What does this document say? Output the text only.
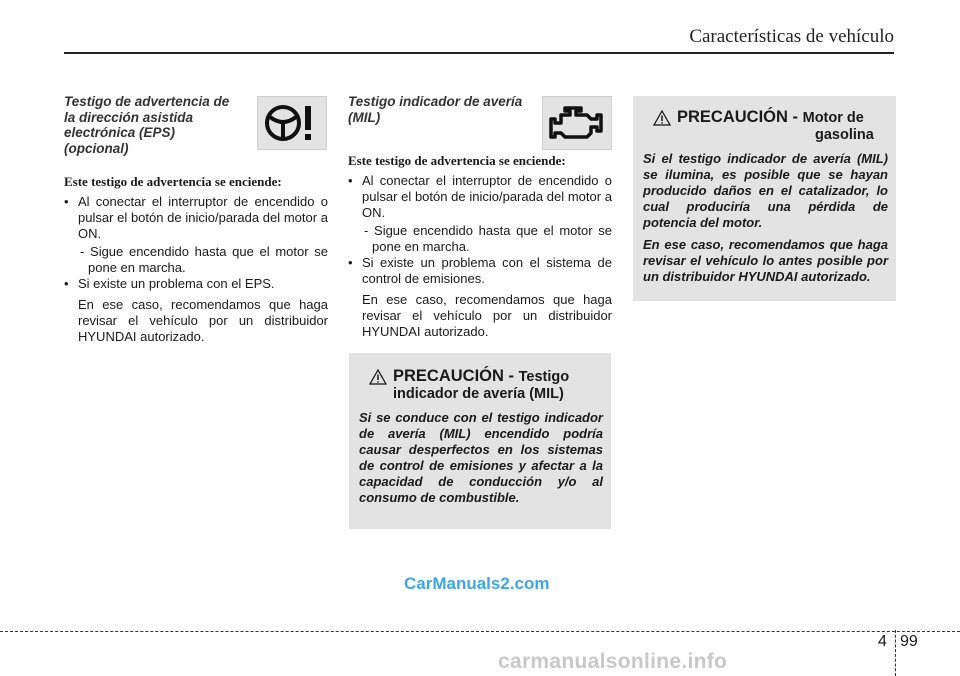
Características de vehículo
Testigo de advertencia de
la dirección asistida
electrónica (EPS)
(opcional)
Este testigo de advertencia se enciende:
• Al conectar el interruptor de encendido o pulsar el botón de inicio/parada del motor a ON.

- Sigue encendido hasta que el motor se pone en marcha.

• Si existe un problema con el EPS.

En ese caso, recomendamos que haga revisar el vehículo por un distribuidor HYUNDAI autorizado.

Testigo indicador de avería
(MIL)
Este testigo de advertencia se enciende:
• Al conectar el interruptor de encendido o pulsar el botón de inicio/parada del motor a ON.

- Sigue encendido hasta que el motor se pone en marcha.

• Si existe un problema con el sistema de control de emisiones.

En ese caso, recomendamos que haga revisar el vehículo por un distribuidor HYUNDAI autorizado.

PRECAUCIÓN - Testigo
indicador de avería (MIL)

Si se conduce con el testigo indicador de avería (MIL) encendido podría causar desperfectos en los sistemas de control de emisiones y afectar a la capacidad de conducción y/o al consumo de combustible.

PRECAUCIÓN - Motor de
gasolina

Si el testigo indicador de avería (MIL) se ilumina, es posible que se hayan producido daños en el catalizador, lo cual produciría una pérdida de potencia del motor.

En ese caso, recomendamos que haga revisar el vehículo lo antes posible por un distribuidor HYUNDAI autorizado.

CarManuals2.com
4 99
carmanualsonline.info
